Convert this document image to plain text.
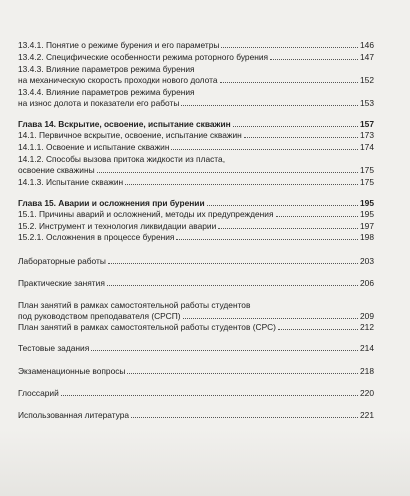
13.4.1. Понятие о режиме бурения и его параметры	146
13.4.2. Специфические особенности режима роторного бурения	147
13.4.3. Влияние параметров режима бурения
на механическую скорость проходки нового долота	152
13.4.4. Влияние параметров режима бурения
на износ долота и показатели его работы	153
Глава 14. Вскрытие, освоение, испытание скважин	157
14.1. Первичное вскрытие, освоение, испытание скважин	173
14.1.1. Освоение и испытание скважин	174
14.1.2. Способы вызова притока жидкости из пласта,
освоение скважины	175
14.1.3. Испытание скважин	175
Глава 15. Аварии и осложнения при бурении	195
15.1. Причины аварий и осложнений, методы их предупреждения	195
15.2. Инструмент и технология ликвидации аварии	197
15.2.1. Осложнения в процессе бурения	198
Лабораторные работы	203
Практические занятия	206
План занятий в рамках самостоятельной работы студентов
под руководством преподавателя (СРСП)	209
План занятий в рамках самостоятельной работы студентов (СРС)	212
Тестовые задания	214
Экзаменационные вопросы	218
Глоссарий	220
Использованная литература	221
